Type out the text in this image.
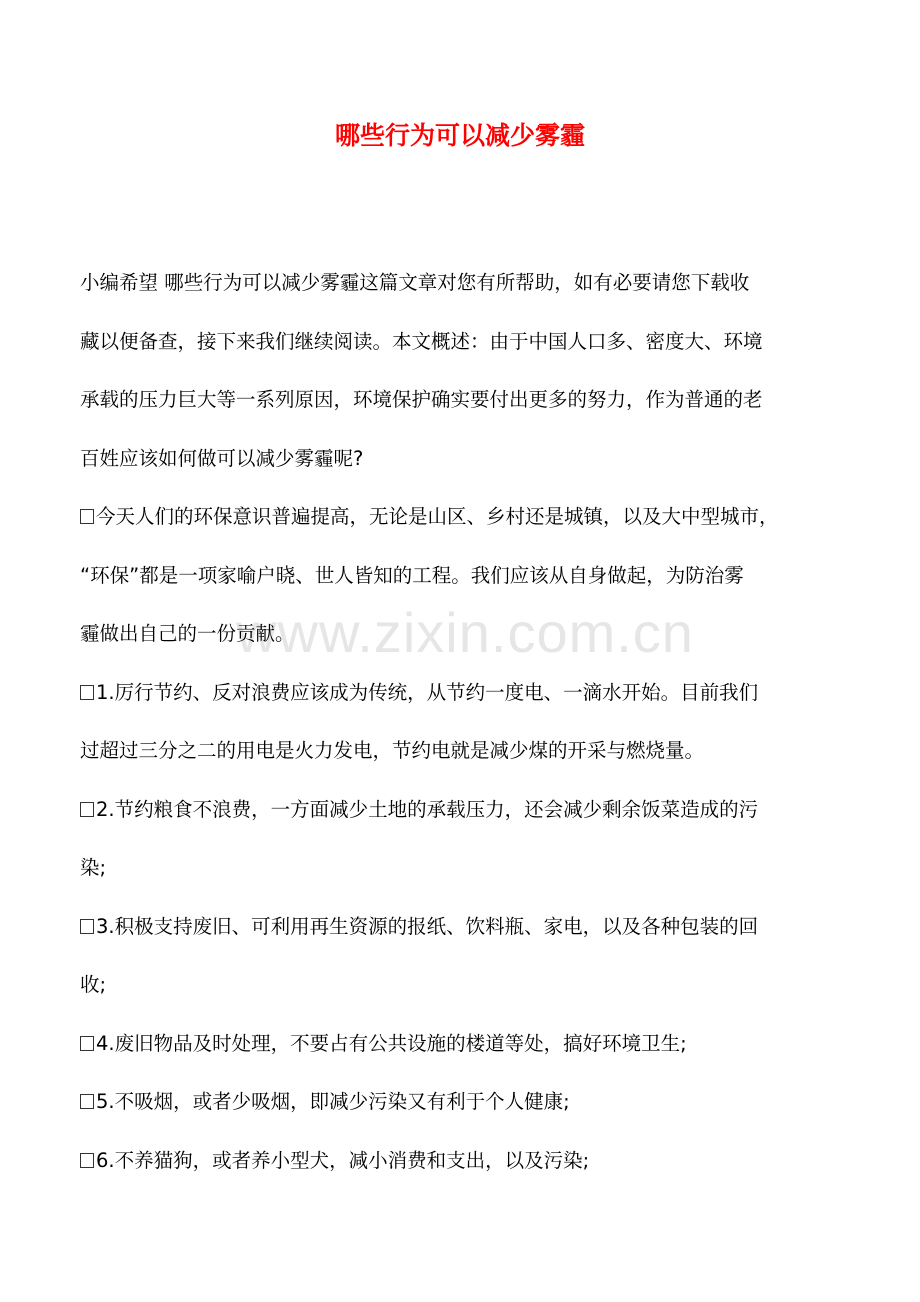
www.zixin.com.cn
哪些行为可以减少雾霾
小编希望 哪些行为可以减少雾霾这篇文章对您有所帮助，如有必要请您下载收
藏以便备查，接下来我们继续阅读。本文概述：由于中国人口多、密度大、环境
承载的压力巨大等一系列原因，环境保护确实要付出更多的努力，作为普通的老
百姓应该如何做可以减少雾霾呢?
今天人们的环保意识普遍提高，无论是山区、乡村还是城镇，以及大中型城市，
“环保”都是一项家喻户晓、世人皆知的工程。我们应该从自身做起，为防治雾
霾做出自己的一份贡献。
1.厉行节约、反对浪费应该成为传统，从节约一度电、一滴水开始。目前我们
过超过三分之二的用电是火力发电，节约电就是减少煤的开采与燃烧量。
2.节约粮食不浪费，一方面减少土地的承载压力，还会减少剩余饭菜造成的污
染;
3.积极支持废旧、可利用再生资源的报纸、饮料瓶、家电，以及各种包装的回
收;
4.废旧物品及时处理，不要占有公共设施的楼道等处，搞好环境卫生;
5.不吸烟，或者少吸烟，即减少污染又有利于个人健康;
6.不养猫狗，或者养小型犬，减小消费和支出，以及污染;
